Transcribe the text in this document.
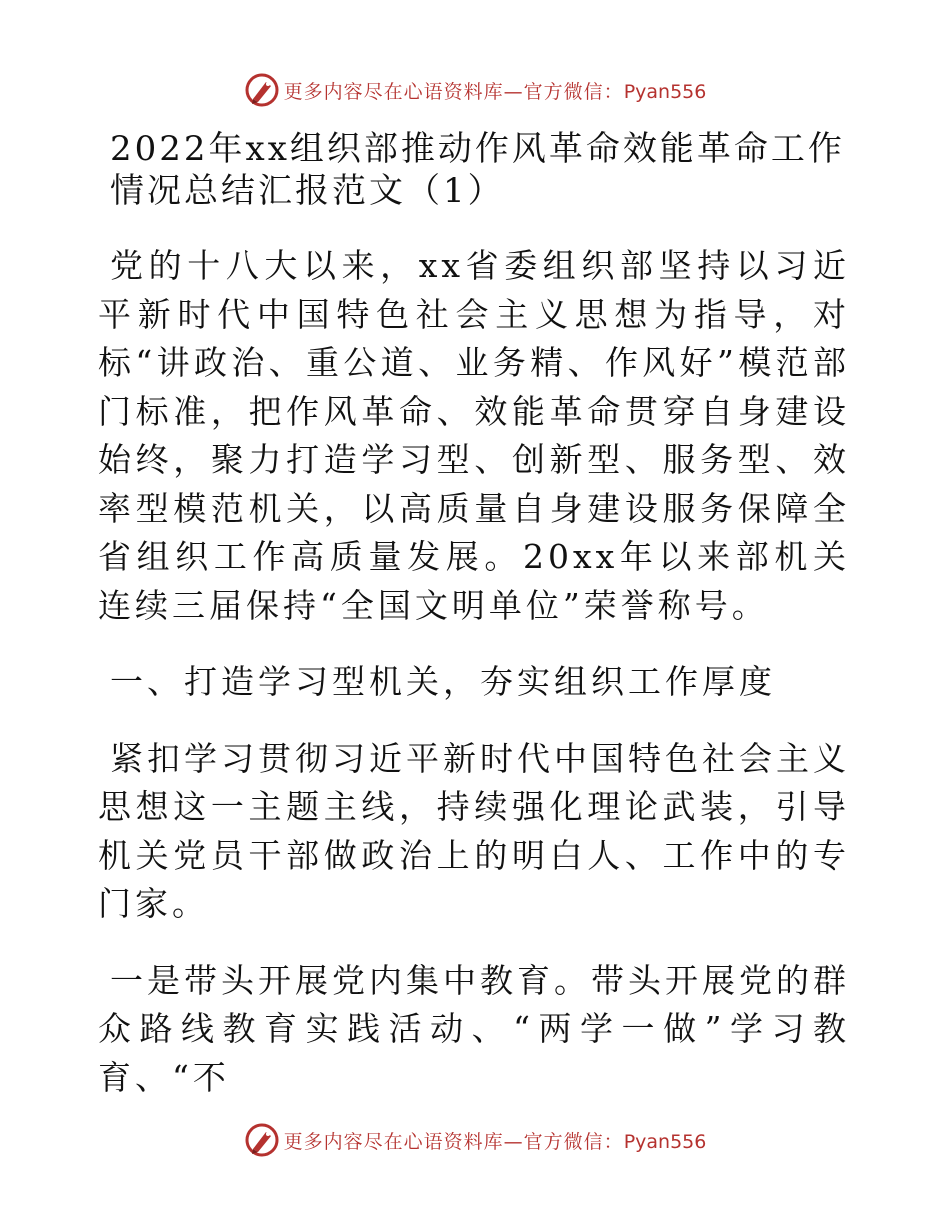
更多内容尽在心语资料库—官方微信：Pyan556
2022年xx组织部推动作风革命效能革命工作情况总结汇报范文（1）

党的十八大以来，xx省委组织部坚持以习近平新时代中国特色社会主义思想为指导，对标“讲政治、重公道、业务精、作风好”模范部门标准，把作风革命、效能革命贯穿自身建设始终，聚力打造学习型、创新型、服务型、效率型模范机关，以高质量自身建设服务保障全省组织工作高质量发展。20xx年以来部机关连续三届保持“全国文明单位”荣誉称号。

一、打造学习型机关，夯实组织工作厚度

紧扣学习贯彻习近平新时代中国特色社会主义思想这一主题主线，持续强化理论武装，引导机关党员干部做政治上的明白人、工作中的专门家。

一是带头开展党内集中教育。带头开展党的群众路线教育实践活动、“两学一做”学习教育、“不

更多内容尽在心语资料库—官方微信：Pyan556
